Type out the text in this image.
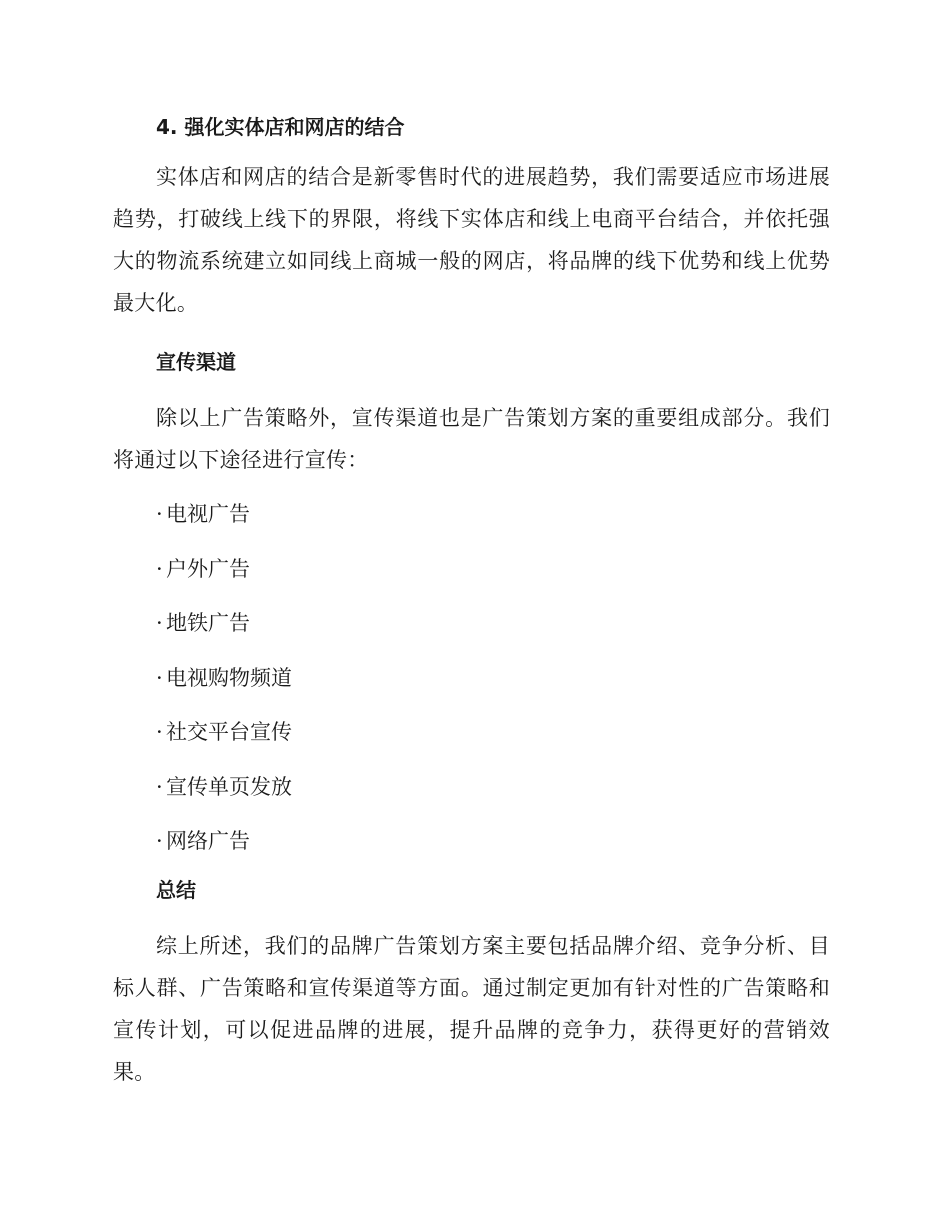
4. 强化实体店和网店的结合

实体店和网店的结合是新零售时代的进展趋势，我们需要适应市场进展趋势，打破线上线下的界限，将线下实体店和线上电商平台结合，并依托强大的物流系统建立如同线上商城一般的网店，将品牌的线下优势和线上优势最大化。

宣传渠道

除以上广告策略外，宣传渠道也是广告策划方案的重要组成部分。我们将通过以下途径进行宣传：

· 电视广告
· 户外广告
· 地铁广告
· 电视购物频道
· 社交平台宣传
· 宣传单页发放
· 网络广告
总结

综上所述，我们的品牌广告策划方案主要包括品牌介绍、竞争分析、目标人群、广告策略和宣传渠道等方面。通过制定更加有针对性的广告策略和宣传计划，可以促进品牌的进展，提升品牌的竞争力，获得更好的营销效果。
